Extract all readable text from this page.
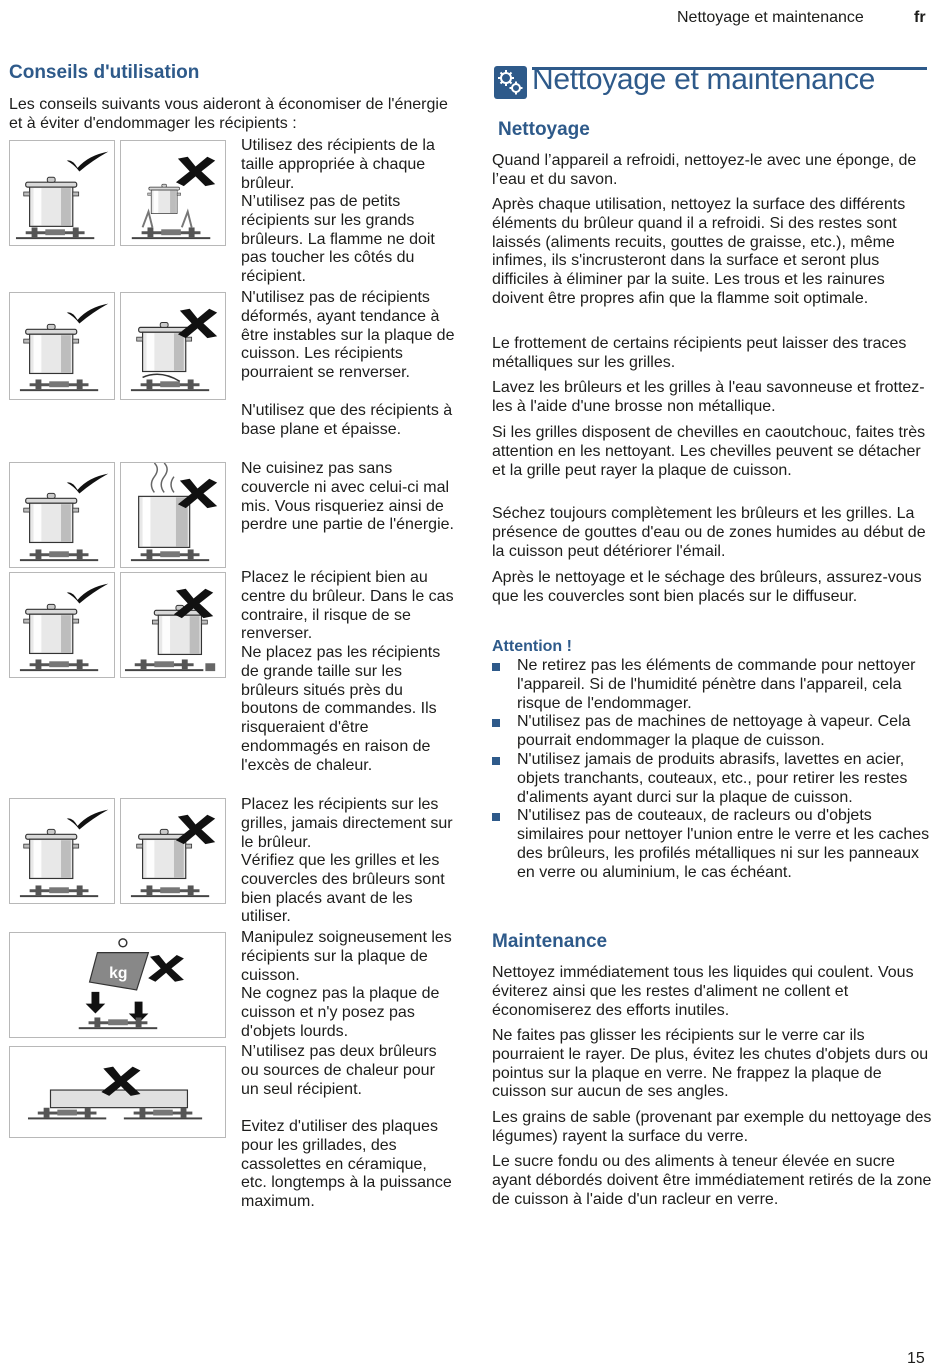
Nettoyage et maintenance	fr
Conseils d'utilisation
Les conseils suivants vous aideront à économiser de l'énergie et à éviter d'endommager les récipients :
kg
Utilisez des récipients de la taille appropriée à chaque brûleur.
N’utilisez pas de petits récipients sur les grands brûleurs. La flamme ne doit pas toucher les côtés du récipient.
N'utilisez pas de récipients déformés, ayant tendance à être instables sur la plaque de cuisson. Les récipients pourraient se renverser.
N'utilisez que des récipients à base plane et épaisse.
Ne cuisinez pas sans couvercle ni avec celui-ci mal mis. Vous risqueriez ainsi de perdre une partie de l'énergie.
Placez le récipient bien au centre du brûleur. Dans le cas contraire, il risque de se renverser.
Ne placez pas les récipients de grande taille sur les brûleurs situés près du boutons de commandes. Ils risqueraient d'être endommagés en raison de l'excès de chaleur.
Placez les récipients sur les grilles, jamais directement sur le brûleur.
Vérifiez que les grilles et les couvercles des brûleurs sont bien placés avant de les utiliser.
Manipulez soigneusement les récipients sur la plaque de cuisson.
Ne cognez pas la plaque de cuisson et n'y posez pas d'objets lourds.
N’utilisez pas deux brûleurs ou sources de chaleur pour un seul récipient.
Evitez d'utiliser des plaques pour les grillades, des cassolettes en céramique, etc. longtemps à la puissance maximum.
Nettoyage et maintenance
Nettoyage
Quand l’appareil a refroidi, nettoyez-le avec une éponge, de l’eau et du savon.
Après chaque utilisation, nettoyez la surface des différents éléments du brûleur quand il a refroidi. Si des restes sont laissés (aliments recuits, gouttes de graisse, etc.), même infimes, ils s'incrusteront dans la surface et seront plus difficiles à éliminer par la suite. Les trous et les rainures doivent être propres afin que la flamme soit optimale.
Le frottement de certains récipients peut laisser des traces métalliques sur les grilles.
Lavez les brûleurs et les grilles à l'eau savonneuse et frottez-les à l'aide d'une brosse non métallique.
Si les grilles disposent de chevilles en caoutchouc, faites très attention en les nettoyant. Les chevilles peuvent se détacher et la grille peut rayer la plaque de cuisson.
Séchez toujours complètement les brûleurs et les grilles. La présence de gouttes d'eau ou de zones humides au début de la cuisson peut détériorer l'émail.
Après le nettoyage et le séchage des brûleurs, assurez-vous que les couvercles sont bien placés sur le diffuseur.
Attention !
Ne retirez pas les éléments de commande pour nettoyer l'appareil. Si de l'humidité pénètre dans l'appareil, cela risque de l'endommager.
N'utilisez pas de machines de nettoyage à vapeur. Cela pourrait endommager la plaque de cuisson.
N'utilisez jamais de produits abrasifs, lavettes en acier, objets tranchants, couteaux, etc., pour retirer les restes d'aliments ayant durci sur la plaque de cuisson.
N'utilisez pas de couteaux, de racleurs ou d'objets similaires pour nettoyer l'union entre le verre et les caches des brûleurs, les profilés métalliques ni sur les panneaux en verre ou aluminium, le cas échéant.
Maintenance
Nettoyez immédiatement tous les liquides qui coulent. Vous éviterez ainsi que les restes d'aliment ne collent et économiserez des efforts inutiles.
Ne faites pas glisser les récipients sur le verre car ils pourraient le rayer. De plus, évitez les chutes d'objets durs ou pointus sur la plaque en verre. Ne frappez la plaque de cuisson sur aucun de ses angles.
Les grains de sable (provenant par exemple du nettoyage des légumes) rayent la surface du verre.
Le sucre fondu ou des aliments à teneur élevée en sucre ayant débordés doivent être immédiatement retirés de la zone de cuisson à l'aide d'un racleur en verre.
15
